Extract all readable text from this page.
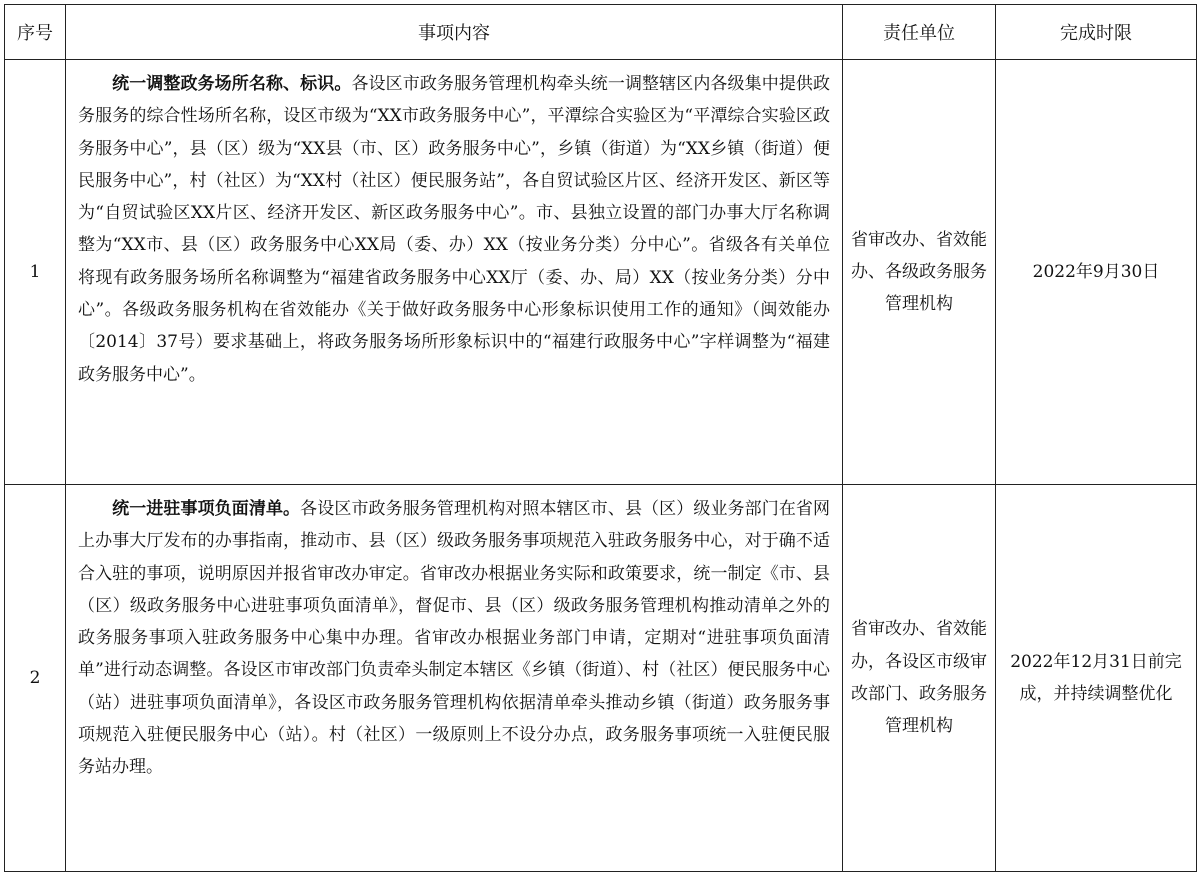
序号	事项内容	责任单位	完成时限
1	统一调整政务场所名称、标识。各设区市政务服务管理机构牵头统一调整辖区内各级集中提供政务服务的综合性场所名称，设区市级为“XX市政务服务中心”，平潭综合实验区为“平潭综合实验区政务服务中心”，县（区）级为“XX县（市、区）政务服务中心”，乡镇（街道）为“XX乡镇（街道）便民服务中心”，村（社区）为“XX村（社区）便民服务站”，各自贸试验区片区、经济开发区、新区等为“自贸试验区XX片区、经济开发区、新区政务服务中心”。市、县独立设置的部门办事大厅名称调整为“XX市、县（区）政务服务中心XX局（委、办）XX（按业务分类）分中心”。省级各有关单位将现有政务服务场所名称调整为“福建省政务服务中心XX厅（委、办、局）XX（按业务分类）分中心”。各级政务服务机构在省效能办《关于做好政务服务中心形象标识使用工作的通知》（闽效能办〔2014〕37号）要求基础上，将政务服务场所形象标识中的“福建行政服务中心”字样调整为“福建政务服务中心”。	省审改办、省效能办、各级政务服务管理机构	2022年9月30日
2	统一进驻事项负面清单。各设区市政务服务管理机构对照本辖区市、县（区）级业务部门在省网上办事大厅发布的办事指南，推动市、县（区）级政务服务事项规范入驻政务服务中心，对于确不适合入驻的事项，说明原因并报省审改办审定。省审改办根据业务实际和政策要求，统一制定《市、县（区）级政务服务中心进驻事项负面清单》，督促市、县（区）级政务服务管理机构推动清单之外的政务服务事项入驻政务服务中心集中办理。省审改办根据业务部门申请，定期对“进驻事项负面清单”进行动态调整。各设区市审改部门负责牵头制定本辖区《乡镇（街道）、村（社区）便民服务中心（站）进驻事项负面清单》，各设区市政务服务管理机构依据清单牵头推动乡镇（街道）政务服务事项规范入驻便民服务中心（站）。村（社区）一级原则上不设分办点，政务服务事项统一入驻便民服务站办理。	省审改办、省效能办，各设区市级审改部门、政务服务管理机构	2022年12月31日前完成，并持续调整优化
